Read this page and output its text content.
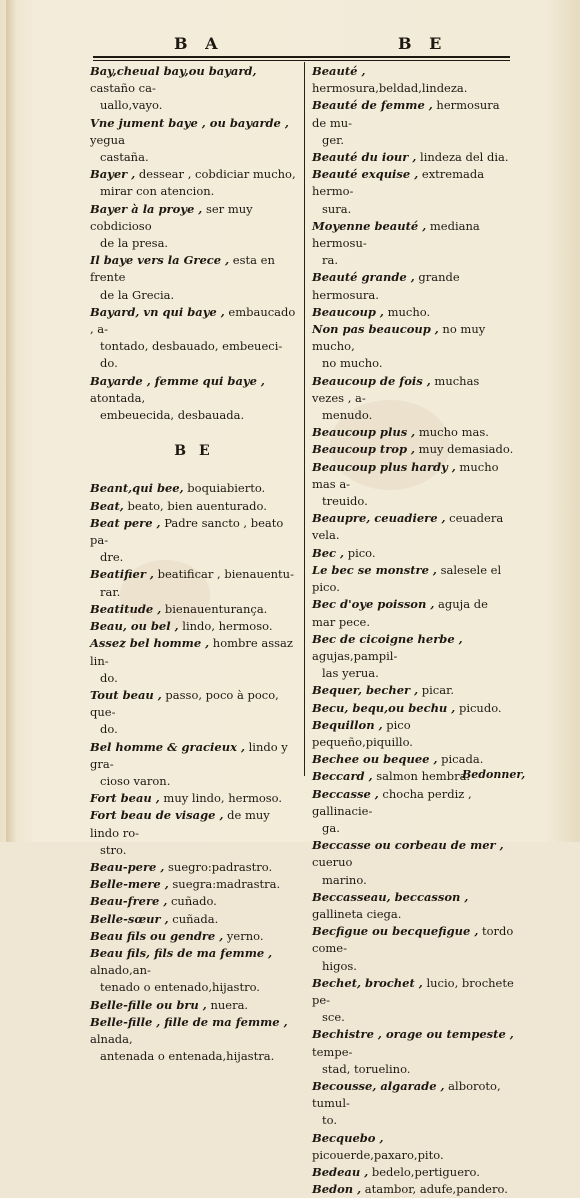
B A	B E
Bay,cheual bay,ou bayard, castaño ca-
uallo,vayo.
Vne jument baye , ou bayarde , yegua
castaña.
Bayer , dessear , cobdiciar mucho,
mirar con atencion.
Bayer à la proye , ser muy cobdicioso
de la presa.
Il baye vers la Grece , esta en frente
de la Grecia.
Bayard, vn qui baye , embaucado , a-
tontado, desbauado, embeueci-
do.
Bayarde , femme qui baye , atontada,
embeuecida, desbauada.
B E
Beant,qui bee, boquiabierto.
Beat, beato, bien auenturado.
Beat pere , Padre sancto , beato pa-
dre.
Beatifier , beatificar , bienauentu-
rar.
Beatitude , bienauenturança.
Beau, ou bel , lindo, hermoso.
Assez bel homme , hombre assaz lin-
do.
Tout beau , passo, poco à poco, que-
do.
Bel homme & gracieux , lindo y gra-
cioso varon.
Fort beau , muy lindo, hermoso.
Fort beau de visage , de muy lindo ro-
stro.
Beau-pere , suegro:padrastro.
Belle-mere , suegra:madrastra.
Beau-frere , cuñado.
Belle-sœur , cuñada.
Beau fils ou gendre , yerno.
Beau fils, fils de ma femme , alnado,an-
tenado o entenado,hijastro.
Belle-fille ou bru , nuera.
Belle-fille , fille de ma femme , alnada,
antenada o entenada,hijastra.
Beauté , hermosura,beldad,lindeza.
Beauté de femme , hermosura de mu-
ger.
Beauté du iour , lindeza del dia.
Beauté exquise , extremada hermo-
sura.
Moyenne beauté , mediana hermosu-
ra.
Beauté grande , grande hermosura.
Beaucoup , mucho.
Non pas beaucoup , no muy mucho,
no mucho.
Beaucoup de fois , muchas vezes , a-
menudo.
Beaucoup plus , mucho mas.
Beaucoup trop , muy demasiado.
Beaucoup plus hardy , mucho mas a-
treuido.
Beaupre, ceuadiere , ceuadera vela.
Bec , pico.
Le bec se monstre , salesele el pico.
Bec d'oye poisson , aguja de mar pece.
Bec de cicoigne herbe , agujas,pampil-
las yerua.
Bequer, becher , picar.
Becu, bequ,ou bechu , picudo.
Bequillon , pico pequeño,piquillo.
Bechee ou bequee , picada.
Beccard , salmon hembra.
Beccasse , chocha perdiz , gallinacie-
ga.
Beccasse ou corbeau de mer , cueruo
marino.
Beccasseau, beccasson , gallineta ciega.
Becfigue ou becquefigue , tordo come-
higos.
Bechet, brochet , lucio, brochete pe-
sce.
Bechistre , orage ou tempeste , tempe-
stad, toruelino.
Becousse, algarade , alboroto, tumul-
to.
Becquebo , picouerde,paxaro,pito.
Bedeau , bedelo,pertiguero.
Bedon , atambor, adufe,pandero.
Bedonner,
